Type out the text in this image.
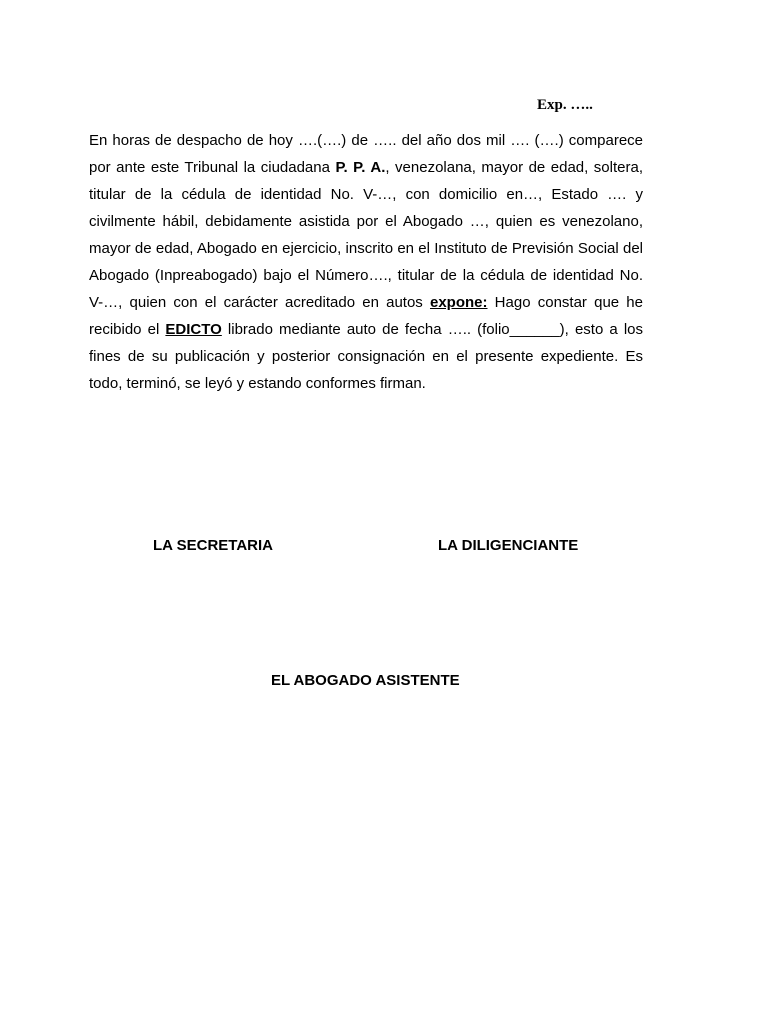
Exp. …..
En horas de despacho de hoy ….(….) de ….. del año dos mil …. (….) comparece por ante este Tribunal la ciudadana P. P. A., venezolana, mayor de edad, soltera, titular de la cédula de identidad No. V-…, con domicilio en…, Estado …. y civilmente hábil, debidamente asistida por el Abogado …, quien es venezolano, mayor de edad, Abogado en ejercicio, inscrito en el Instituto de Previsión Social del Abogado (Inpreabogado) bajo el Número…., titular de la cédula de identidad No. V-…, quien con el carácter acreditado en autos expone: Hago constar que he recibido el EDICTO librado mediante auto de fecha ….. (folio______), esto a los fines de su publicación y posterior consignación en el presente expediente. Es todo, terminó, se leyó y estando conformes firman.
LA SECRETARIA	LA DILIGENCIANTE
EL ABOGADO ASISTENTE
